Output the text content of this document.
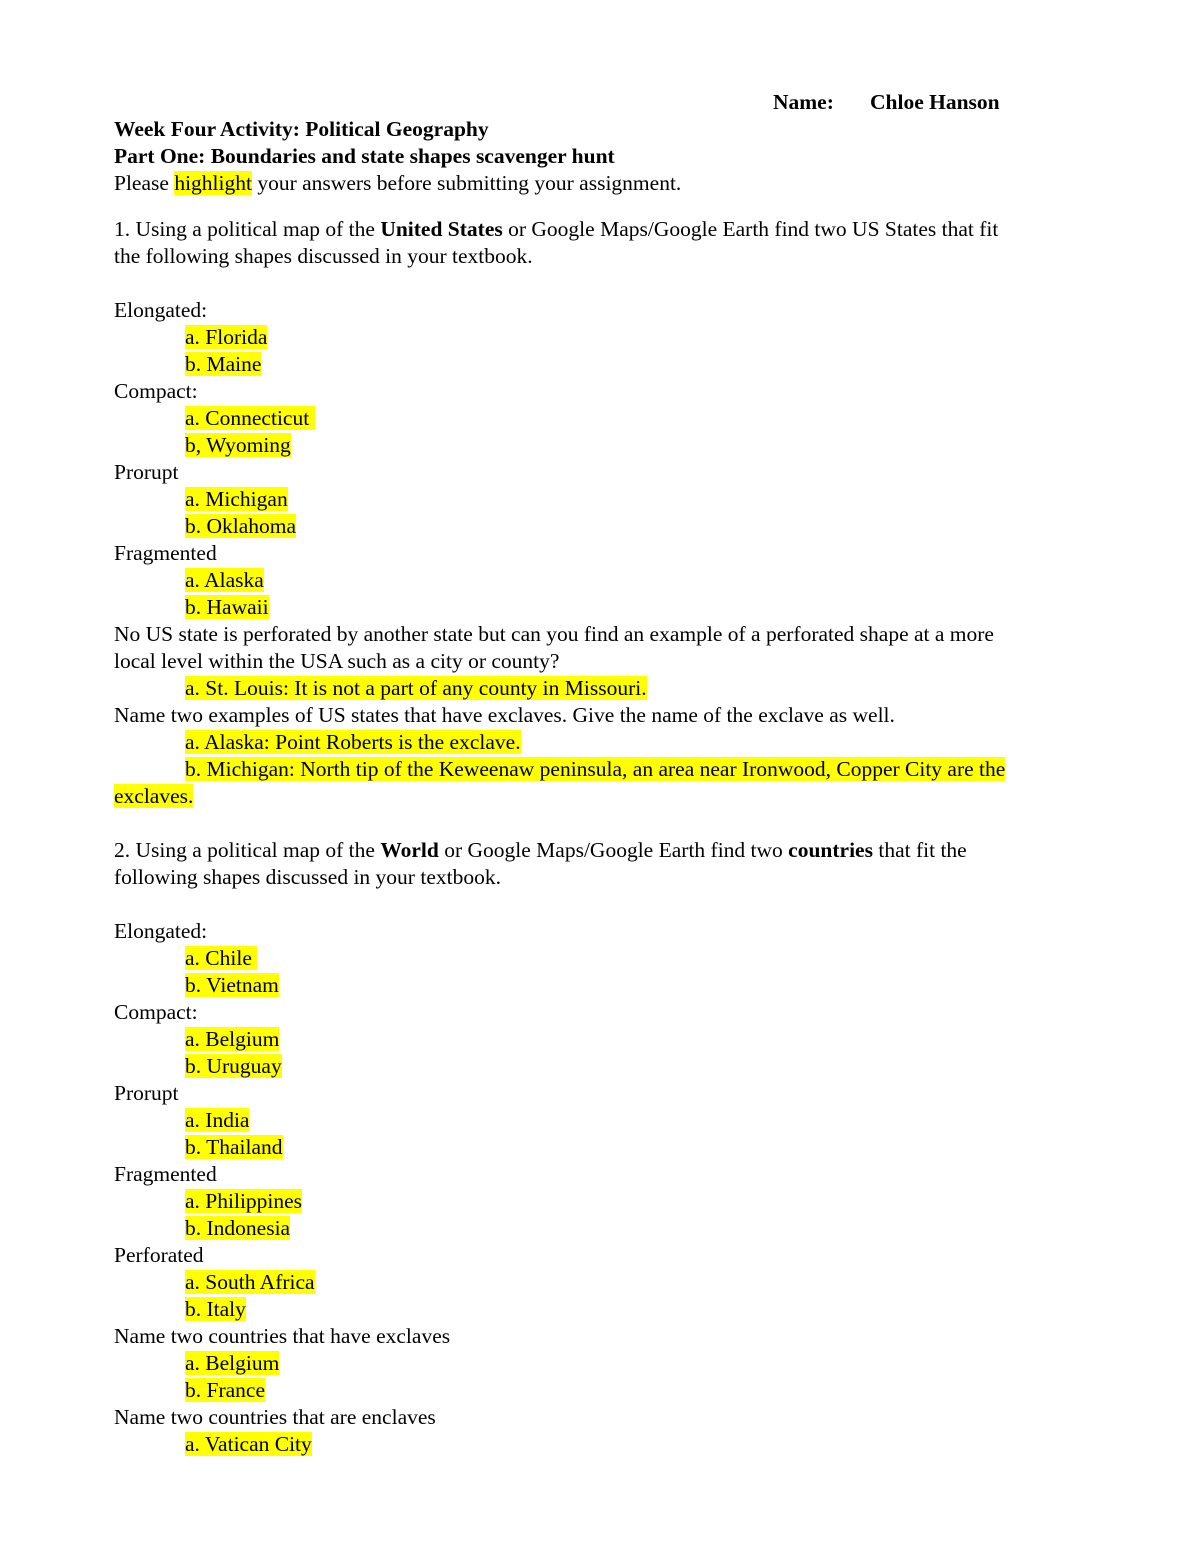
Name: Chloe Hanson
Week Four Activity: Political Geography
Part One: Boundaries and state shapes scavenger hunt
Please highlight your answers before submitting your assignment.
1. Using a political map of the United States or Google Maps/Google Earth find two US States that fit
the following shapes discussed in your textbook.
Elongated:
a. Florida
b. Maine
Compact:
a. Connecticut
b, Wyoming
Prorupt
a. Michigan
b. Oklahoma
Fragmented
a. Alaska
b. Hawaii
No US state is perforated by another state but can you find an example of a perforated shape at a more
local level within the USA such as a city or county?
a. St. Louis: It is not a part of any county in Missouri.
Name two examples of US states that have exclaves. Give the name of the exclave as well.
a. Alaska: Point Roberts is the exclave.
b. Michigan: North tip of the Keweenaw peninsula, an area near Ironwood, Copper City are the
exclaves.
2. Using a political map of the World or Google Maps/Google Earth find two countries that fit the
following shapes discussed in your textbook.
Elongated:
a. Chile
b. Vietnam
Compact:
a. Belgium
b. Uruguay
Prorupt
a. India
b. Thailand
Fragmented
a. Philippines
b. Indonesia
Perforated
a. South Africa
b. Italy
Name two countries that have exclaves
a. Belgium
b. France
Name two countries that are enclaves
a. Vatican City
